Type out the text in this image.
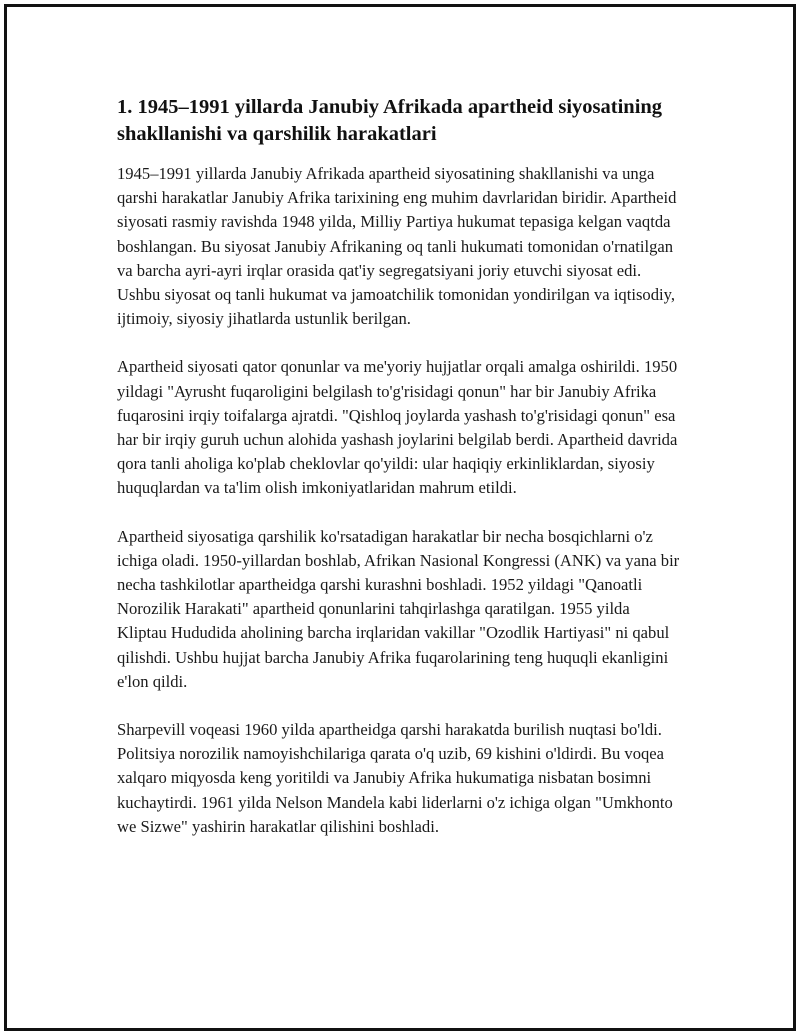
1. 1945–1991 yillarda Janubiy Afrikada apartheid siyosatining shakllanishi va qarshilik harakatlari

1945–1991 yillarda Janubiy Afrikada apartheid siyosatining shakllanishi va unga qarshi harakatlar Janubiy Afrika tarixining eng muhim davrlaridan biridir. Apartheid siyosati rasmiy ravishda 1948 yilda, Milliy Partiya hukumat tepasiga kelgan vaqtda boshlangan. Bu siyosat Janubiy Afrikaning oq tanli hukumati tomonidan o'rnatilgan va barcha ayri-ayri irqlar orasida qat'iy segregatsiyani joriy etuvchi siyosat edi. Ushbu siyosat oq tanli hukumat va jamoatchilik tomonidan yondirilgan va iqtisodiy, ijtimoiy, siyosiy jihatlarda ustunlik berilgan.

Apartheid siyosati qator qonunlar va me'yoriy hujjatlar orqali amalga oshirildi. 1950 yildagi "Ayrusht fuqaroligini belgilash to'g'risidagi qonun" har bir Janubiy Afrika fuqarosini irqiy toifalarga ajratdi. "Qishloq joylarda yashash to'g'risidagi qonun" esa har bir irqiy guruh uchun alohida yashash joylarini belgilab berdi. Apartheid davrida qora tanli aholiga ko'plab cheklovlar qo'yildi: ular haqiqiy erkinliklardan, siyosiy huquqlardan va ta'lim olish imkoniyatlaridan mahrum etildi.

Apartheid siyosatiga qarshilik ko'rsatadigan harakatlar bir necha bosqichlarni o'z ichiga oladi. 1950-yillardan boshlab, Afrikan Nasional Kongressi (ANK) va yana bir necha tashkilotlar apartheidga qarshi kurashni boshladi. 1952 yildagi "Qanoatli Norozilik Harakati" apartheid qonunlarini tahqirlashga qaratilgan. 1955 yilda Kliptau Hududida aholining barcha irqlaridan vakillar "Ozodlik Hartiyasi" ni qabul qilishdi. Ushbu hujjat barcha Janubiy Afrika fuqarolarining teng huquqli ekanligini e'lon qildi.

Sharpevill voqeasi 1960 yilda apartheidga qarshi harakatda burilish nuqtasi bo'ldi. Politsiya norozilik namoyishchilariga qarata o'q uzib, 69 kishini o'ldirdi. Bu voqea xalqaro miqyosda keng yoritildi va Janubiy Afrika hukumatiga nisbatan bosimni kuchaytirdi. 1961 yilda Nelson Mandela kabi liderlarni o'z ichiga olgan "Umkhonto we Sizwe" yashirin harakatlar qilishini boshladi.
